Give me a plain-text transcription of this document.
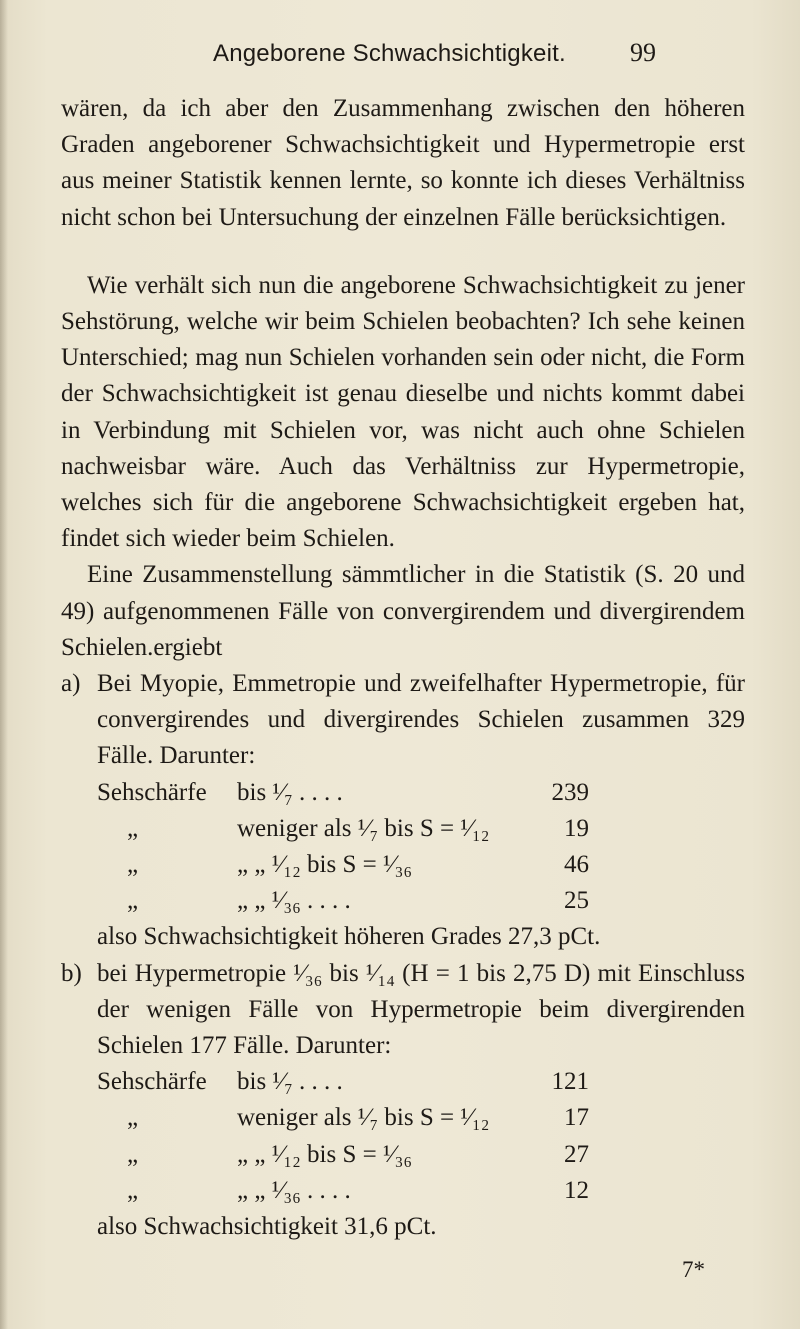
Angeborene Schwachsichtigkeit. 99

wären, da ich aber den Zusammenhang zwischen den höheren Graden angeborener Schwachsichtigkeit und Hypermetropie erst aus meiner Statistik kennen lernte, so konnte ich dieses Verhältniss nicht schon bei Untersuchung der einzelnen Fälle berücksichtigen.

Wie verhält sich nun die angeborene Schwachsichtigkeit zu jener Sehstörung, welche wir beim Schielen beobachten? Ich sehe keinen Unterschied; mag nun Schielen vorhanden sein oder nicht, die Form der Schwachsichtigkeit ist genau dieselbe und nichts kommt dabei in Verbindung mit Schielen vor, was nicht auch ohne Schielen nachweisbar wäre. Auch das Verhältniss zur Hypermetropie, welches sich für die angeborene Schwachsichtigkeit ergeben hat, findet sich wieder beim Schielen.

Eine Zusammenstellung sämmtlicher in die Statistik (S. 20 und 49) aufgenommenen Fälle von convergirendem und divergirendem Schielen.ergiebt

a) Bei Myopie, Emmetropie und zweifelhafter Hypermetropie, für convergirendes und divergirendes Schielen zusammen 329 Fälle. Darunter:
Sehschärfe	bis ¹⁄₇ . . . .	239
„	weniger als ¹⁄₇ bis S = ¹⁄₁₂	19
„	„ „ ¹⁄₁₂ bis S = ¹⁄₃₆	46
„	„ „ ¹⁄₃₆ . . . .	25
also Schwachsichtigkeit höheren Grades 27,3 pCt.
b) bei Hypermetropie ¹⁄₃₆ bis ¹⁄₁₄ (H = 1 bis 2,75 D) mit Einschluss der wenigen Fälle von Hypermetropie beim divergirenden Schielen 177 Fälle. Darunter:
Sehschärfe	bis ¹⁄₇ . . . .	121
„	weniger als ¹⁄₇ bis S = ¹⁄₁₂	17
„	„ „ ¹⁄₁₂ bis S = ¹⁄₃₆	27
„	„ „ ¹⁄₃₆ . . . .	12
also Schwachsichtigkeit 31,6 pCt.
7*
